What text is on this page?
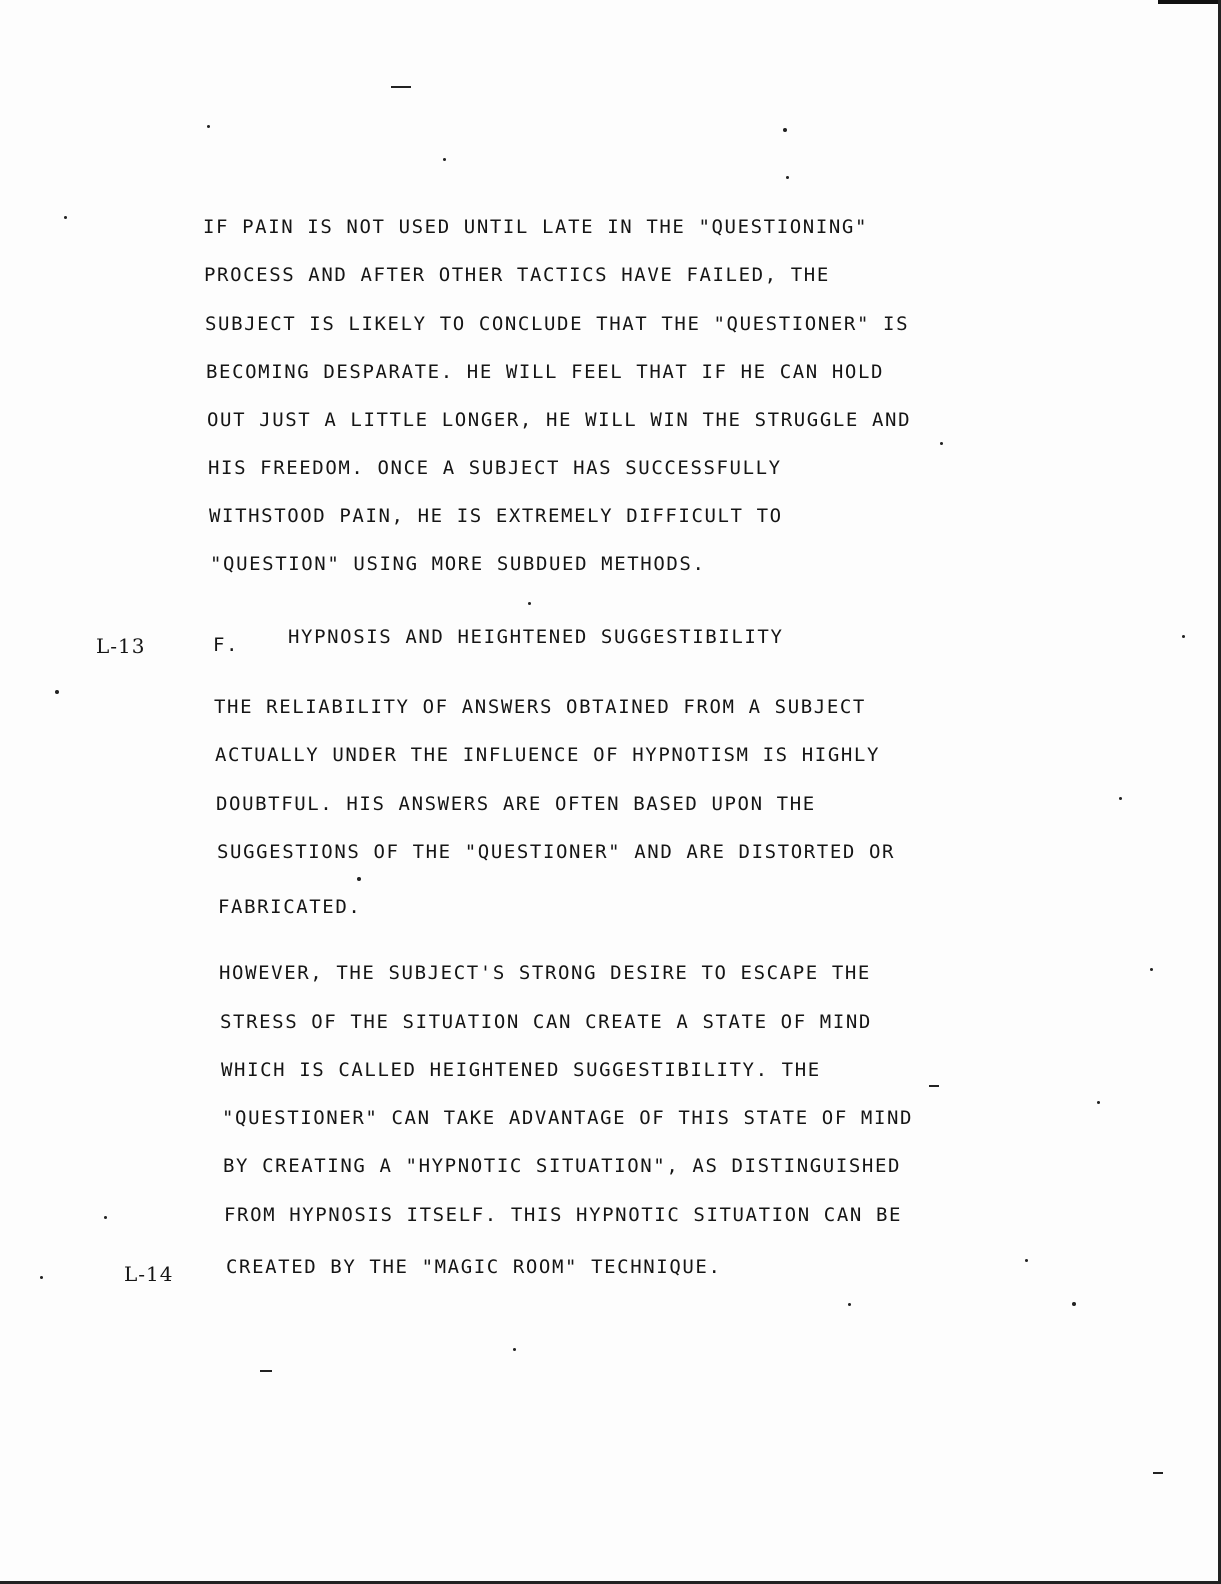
IF PAIN IS NOT USED UNTIL LATE IN THE "QUESTIONING"
PROCESS AND AFTER OTHER TACTICS HAVE FAILED, THE
SUBJECT IS LIKELY TO CONCLUDE THAT THE "QUESTIONER" IS
BECOMING DESPARATE. HE WILL FEEL THAT IF HE CAN HOLD
OUT JUST A LITTLE LONGER, HE WILL WIN THE STRUGGLE AND
HIS FREEDOM. ONCE A SUBJECT HAS SUCCESSFULLY
WITHSTOOD PAIN, HE IS EXTREMELY DIFFICULT TO
"QUESTION" USING MORE SUBDUED METHODS.
L-13	F.	HYPNOSIS AND HEIGHTENED SUGGESTIBILITY
THE RELIABILITY OF ANSWERS OBTAINED FROM A SUBJECT
ACTUALLY UNDER THE INFLUENCE OF HYPNOTISM IS HIGHLY
DOUBTFUL. HIS ANSWERS ARE OFTEN BASED UPON THE
SUGGESTIONS OF THE "QUESTIONER" AND ARE DISTORTED OR
FABRICATED.
HOWEVER, THE SUBJECT'S STRONG DESIRE TO ESCAPE THE
STRESS OF THE SITUATION CAN CREATE A STATE OF MIND
WHICH IS CALLED HEIGHTENED SUGGESTIBILITY. THE
"QUESTIONER" CAN TAKE ADVANTAGE OF THIS STATE OF MIND
BY CREATING A "HYPNOTIC SITUATION", AS DISTINGUISHED
FROM HYPNOSIS ITSELF. THIS HYPNOTIC SITUATION CAN BE
L-14	CREATED BY THE "MAGIC ROOM" TECHNIQUE.
